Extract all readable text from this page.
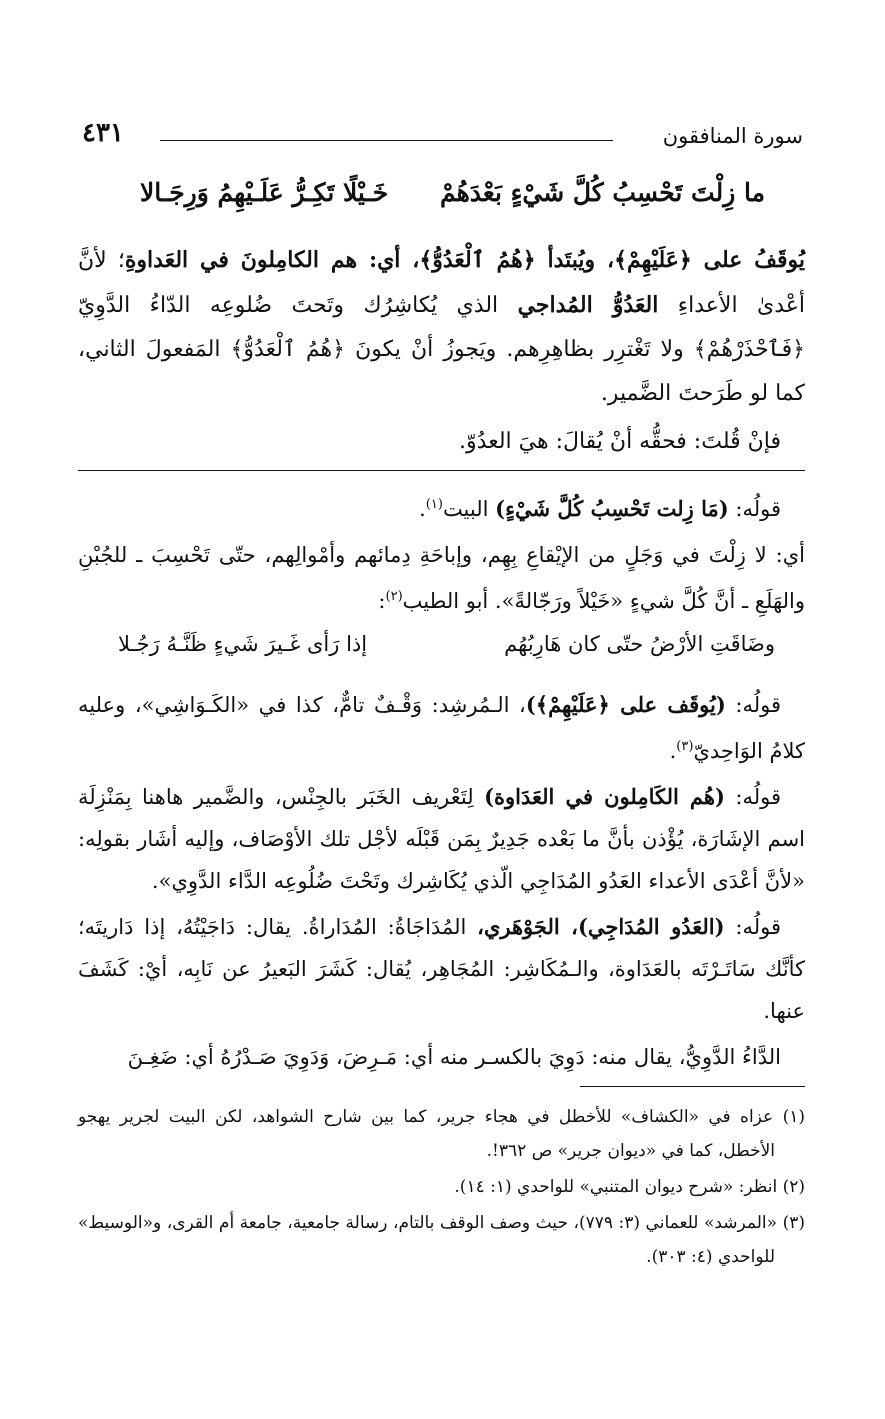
سورة المنافقون
٤٣١
ما زِلْتَ تَحْسِبُ كُلَّ شَيْءٍ بَعْدَهُمْ
خَـيْلًا تَكِـرُّ عَلَـيْهِمُ وَرِجَـالا

يُوقَفُ على ﴿عَلَيْهِمْ﴾، ويُبتَدأ ﴿هُمُ ٱلْعَدُوُّ﴾، أي: هم الكامِلونَ في العَداوةِ؛ لأنَّ أعْدىٰ الأعداءِ العَدُوُّ المُداجي الذي يُكاشِرُك وتَحتَ ضُلوعِه الدّاءُ الدَّوِيّ ﴿فَٱحْذَرْهُمْ﴾ ولا تَغْترِر بظاهِرِهم. ويَجوزُ أنْ يكونَ ﴿هُمُ ٱلْعَدُوُّ﴾ المَفعولَ الثاني، كما لو طَرَحتَ الضَّمير.

فإنْ قُلتَ: فحقُّه أنْ يُقالَ: هيَ العدُوّ.

قولُه: (مَا زِلت تَحْسِبُ كُلَّ شَيْءٍ) البيت$^{(١)}$.

أي: لا زِلْتَ في وَجَلٍ من الإيْقاعِ بِهِم، وإباحَةِ دِمائهم وأمْوالِهم، حتّى تَحْسِبَ ـ للجُبْنِ والهَلَعِ ـ أنَّ كُلَّ شيءٍ «خَيْلاً ورَجّالةً». أبو الطيب$^{(٢)}$:

وضَاقَتِ الأرْضُ حتّى كان هَارِبُهُم
إذا رَأى غَـيرَ شَيءٍ ظَنَّـهُ رَجُـلا

قولُه: (يُوقَف على ﴿عَلَيْهِمْ﴾)، الـمُرشِد: وَقْـفٌ تامٌّ، كذا في «الكَـوَاشِي»، وعليه كلامُ الوَاحِديّ$^{(٣)}$.

قولُه: (هُم الكَامِلون في العَدَاوة) لِتَعْريف الخَبَر بالجِنْس، والضَّمير هاهنا بِمَنْزِلَة اسم الإشَارَة، يُؤْذن بأنَّ ما بَعْده جَدِيرٌ بِمَن قَبْلَه لأجْل تلك الأوْصَاف، وإليه أشَار بقولِه: «لأنَّ أعْدَى الأعداء العَدُو المُدَاجِي الّذي يُكَاشِرك وتَحْتَ ضُلُوعِه الدَّاء الدَّوِي».

قولُه: (العَدُو المُدَاجِي)، الجَوْهَري، المُدَاجَاةُ: المُدَاراةُ. يقال: دَاجَيْتُهُ، إذا دَاريتَه؛ كأنَّك سَاتَـرْتَه بالعَدَاوة، والـمُكَاشِر: المُجَاهِر، يُقال: كَشَرَ البَعيرُ عن نَابِه، أيْ: كَشَفَ عنها.

الدَّاءُ الدَّوِيُّ، يقال منه: دَوِيَ بالكسـر منه أي: مَـرِضَ، وَدَوِيَ صَـدْرُهُ أي: ضَغِـنَ

(١) عزاه في «الكشاف» للأخطل في هجاء جرير، كما بين شارح الشواهد، لكن البيت لجرير يهجو الأخطل، كما في «ديوان جرير» ص ٣٦٢!.

(٢) انظر: «شرح ديوان المتنبي» للواحدي (١: ١٤).

(٣) «المرشد» للعماني (٣: ٧٧٩)، حيث وصف الوقف بالتام، رسالة جامعية، جامعة أم القرى، و«الوسيط» للواحدي (٤: ٣٠٣).
